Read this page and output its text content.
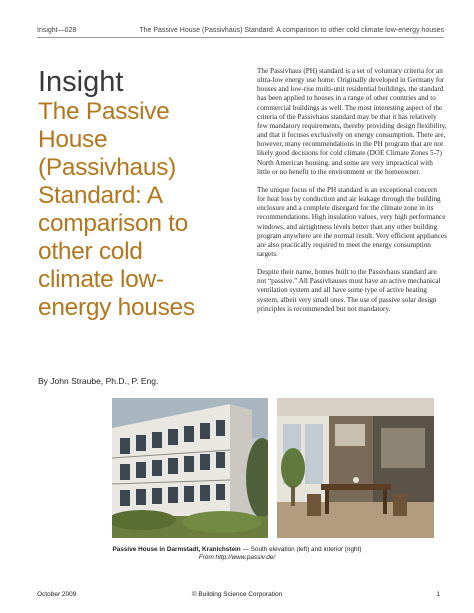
Insight—028	The Passive House (Passivhaus) Standard: A comparison to other cold climate low-energy houses
Insight
The Passive
House
(Passivhaus)
Standard: A
comparison to
other cold
climate low-
energy houses
By John Straube, Ph.D., P. Eng.

The Passivhaus (PH) standard is a set of voluntary criteria for an ultra-low energy use home. Originally developed in Germany for houses and low-rise multi-unit residential buildings, the standard has been applied to houses in a range of other countries and to commercial buildings as well. The most interesting aspect of the criteria of the Passivhaus standard may be that it has relatively few mandatory requirements, thereby providing design flexibility, and that it focuses exclusively on energy consumption. There are, however, many recommendations in the PH program that are not likely good decisions for cold climate (DOE Climate Zones 5-7) North American housing, and some are very impractical with little or no benefit to the environment or the homeowner.

The unique focus of the PH standard is an exceptional concern for heat loss by conduction and air leakage through the building enclosure and a complete disregard for the climate zone in its recommendations. High insulation values, very high performance windows, and airtightness levels better than any other building program anywhere are the normal result. Very efficient appliances are also practically required to meet the energy consumption targets.

Despite their name, homes built to the Passivhaus standard are not “passive.” All Passivhauses must have an active mechanical ventilation system and all have some type of active heating system, albeit very small ones. The use of passive solar design principles is recommended but not mandatory.

Passive House in Darmstadt, Kranichstein — South elevation (left) and interior (right)
From http://www.passiv.de/
October 2009	© Building Science Corporation	1
